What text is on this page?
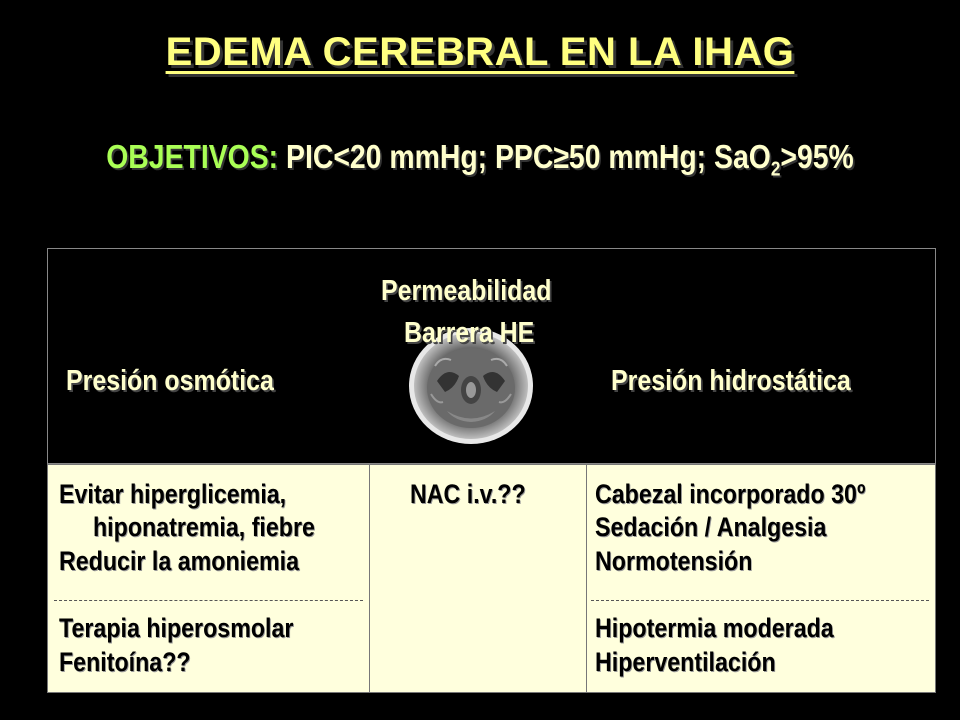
EDEMA CEREBRAL EN LA IHAG
OBJETIVOS: PIC<20 mmHg; PPC≥50 mmHg; SaO$_2$>95%
Permeabilidad
Barrera HE
Presión osmótica	Presión hidrostática
Evitar hiperglicemia,
hiponatremia, fiebre
Reducir la amoniemia
Terapia hiperosmolar
Fenitoína??
NAC i.v.??	Cabezal incorporado 30º
Sedación / Analgesia
Normotensión
Hipotermia moderada
Hiperventilación
